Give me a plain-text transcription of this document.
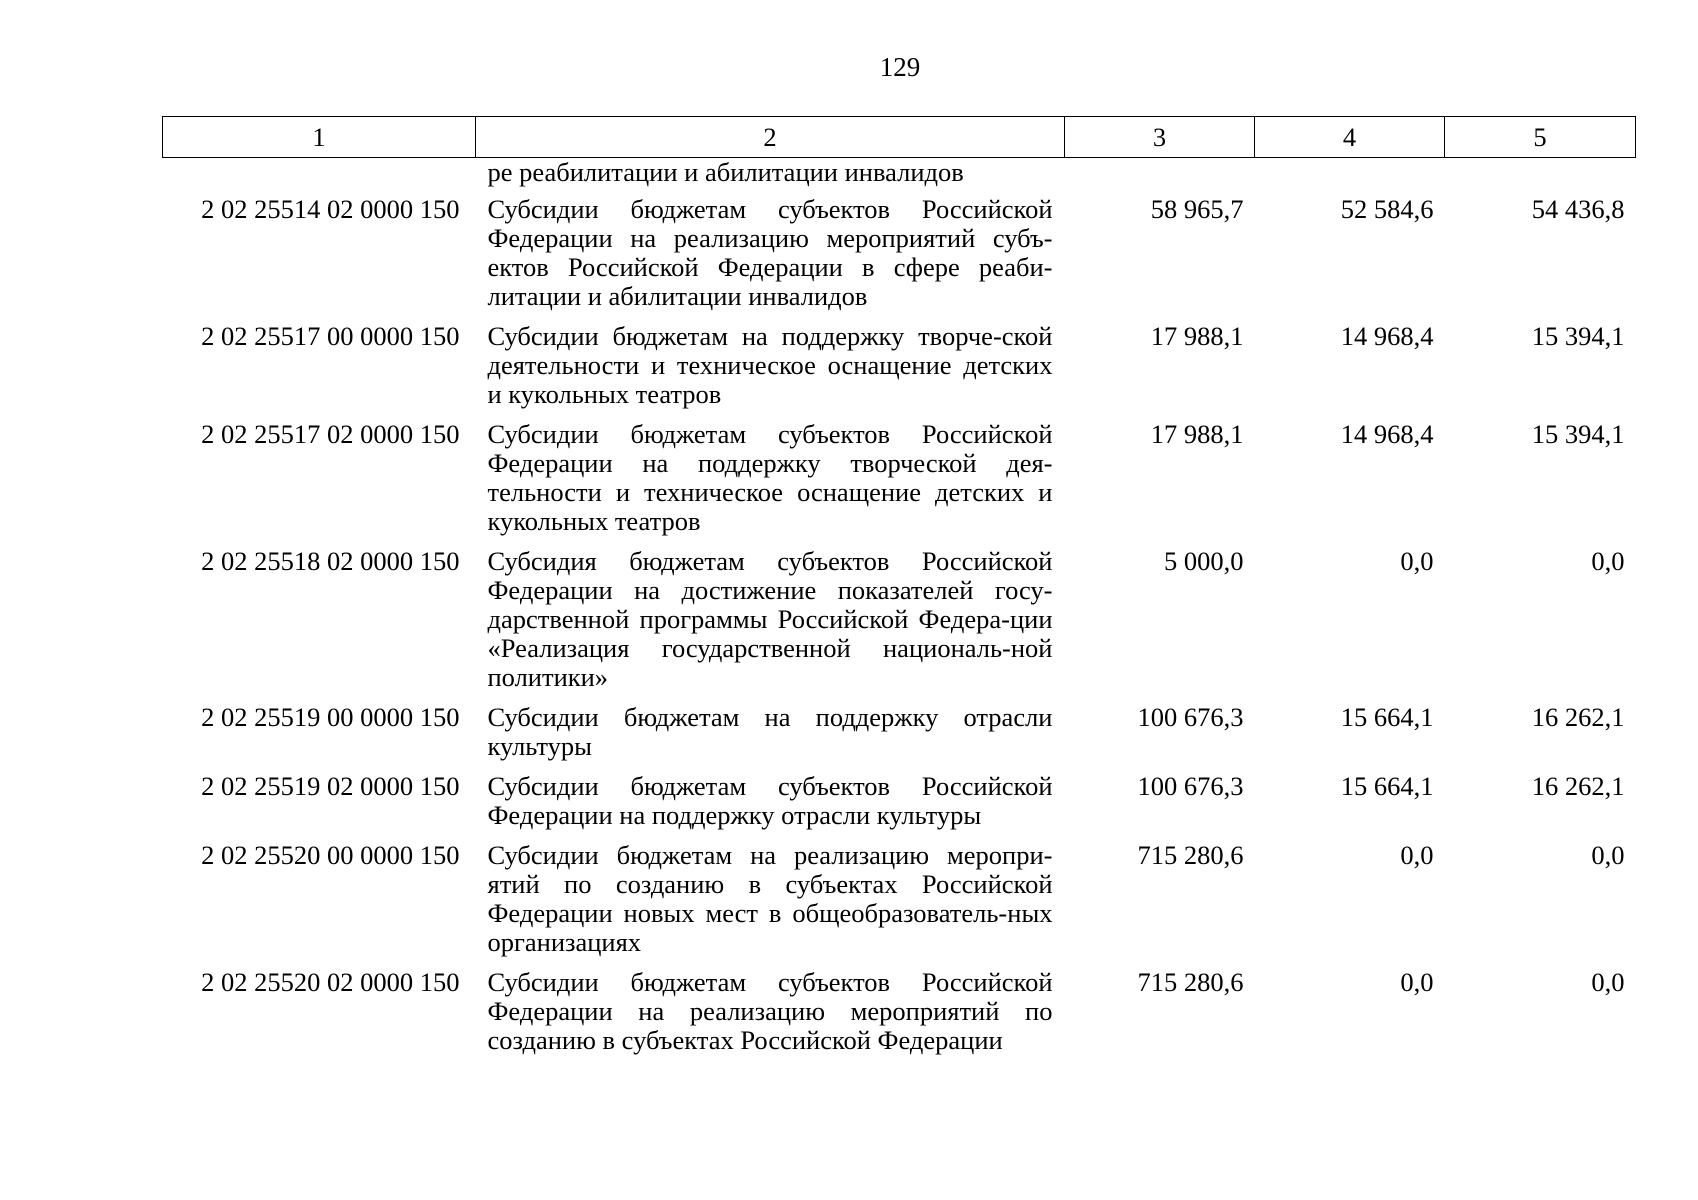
129
1	2	3	4	5
	ре реабилитации и абилитации инвалидов			
2 02 25514 02 0000 150	Субсидии бюджетам субъектов Российской Федерации на реализацию мероприятий субъ-ектов Российской Федерации в сфере реаби-литации и абилитации инвалидов	58 965,7	52 584,6	54 436,8
2 02 25517 00 0000 150	Субсидии бюджетам на поддержку творче-ской деятельности и техническое оснащение детских и кукольных театров	17 988,1	14 968,4	15 394,1
2 02 25517 02 0000 150	Субсидии бюджетам субъектов Российской Федерации на поддержку творческой дея-тельности и техническое оснащение детских и кукольных театров	17 988,1	14 968,4	15 394,1
2 02 25518 02 0000 150	Субсидия бюджетам субъектов Российской Федерации на достижение показателей госу-дарственной программы Российской Федера-ции «Реализация государственной националь-ной политики»	5 000,0	0,0	0,0
2 02 25519 00 0000 150	Субсидии бюджетам на поддержку отрасли культуры	100 676,3	15 664,1	16 262,1
2 02 25519 02 0000 150	Субсидии бюджетам субъектов Российской Федерации на поддержку отрасли культуры	100 676,3	15 664,1	16 262,1
2 02 25520 00 0000 150	Субсидии бюджетам на реализацию меропри-ятий по созданию в субъектах Российской Федерации новых мест в общеобразователь-ных организациях	715 280,6	0,0	0,0
2 02 25520 02 0000 150	Субсидии бюджетам субъектов Российской Федерации на реализацию мероприятий по созданию в субъектах Российской Федерации	715 280,6	0,0	0,0
